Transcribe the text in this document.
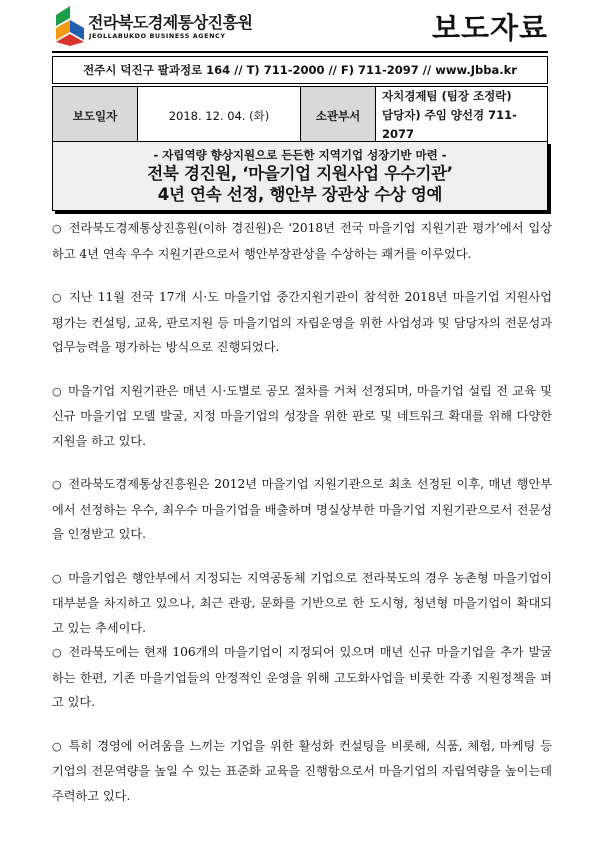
전라북도경제통상진흥원
JEOLLABUKDO BUSINESS AGENCY	보도자료
전주시 덕진구 팔과정로 164 // T) 711-2000 // F) 711-2097 // www.Jbba.kr
보도일자	2018. 12. 04. (화)	소관부서	
자치경제팀 (팀장 조정락)
담당자) 주임 양선경 711-2077
- 자립역량 향상지원으로 든든한 지역기업 성장기반 마련 -
전북 경진원, ‘마을기업 지원사업 우수기관’
4년 연속 선정, 행안부 장관상 수상 영예

○ 전라북도경제통상진흥원(이하 경진원)은 ‘2018년 전국 마을기업 지원기관 평가’에서 입상하고 4년 연속 우수 지원기관으로서 행안부장관상을 수상하는 쾌거를 이루었다.

○ 지난 11월 전국 17개 시·도 마을기업 중간지원기관이 참석한 2018년 마을기업 지원사업 평가는 컨설팅, 교육, 판로지원 등 마을기업의 자립운영을 위한 사업성과 및 담당자의 전문성과 업무능력을 평가하는 방식으로 진행되었다.

○ 마을기업 지원기관은 매년 시·도별로 공모 절차를 거쳐 선정되며, 마을기업 설립 전 교육 및 신규 마을기업 모델 발굴, 지정 마을기업의 성장을 위한 판로 및 네트워크 확대를 위해 다양한 지원을 하고 있다.

○ 전라북도경제통상진흥원은 2012년 마을기업 지원기관으로 최초 선정된 이후, 매년 행안부에서 선정하는 우수, 최우수 마을기업을 배출하며 명실상부한 마을기업 지원기관으로서 전문성을 인정받고 있다.

○ 마을기업은 행안부에서 지정되는 지역공동체 기업으로 전라북도의 경우 농촌형 마을기업이 대부분을 차지하고 있으나, 최근 관광, 문화를 기반으로 한 도시형, 청년형 마을기업이 확대되고 있는 추세이다.

○ 전라북도에는 현재 106개의 마을기업이 지정되어 있으며 매년 신규 마을기업을 추가 발굴하는 한편, 기존 마을기업들의 안정적인 운영을 위해 고도화사업을 비롯한 각종 지원정책을 펴고 있다.

○ 특히 경영에 어려움을 느끼는 기업을 위한 활성화 컨설팅을 비롯해, 식품, 체험, 마케팅 등 기업의 전문역량을 높일 수 있는 표준화 교육을 진행함으로서 마을기업의 자립역량을 높이는데 주력하고 있다.
